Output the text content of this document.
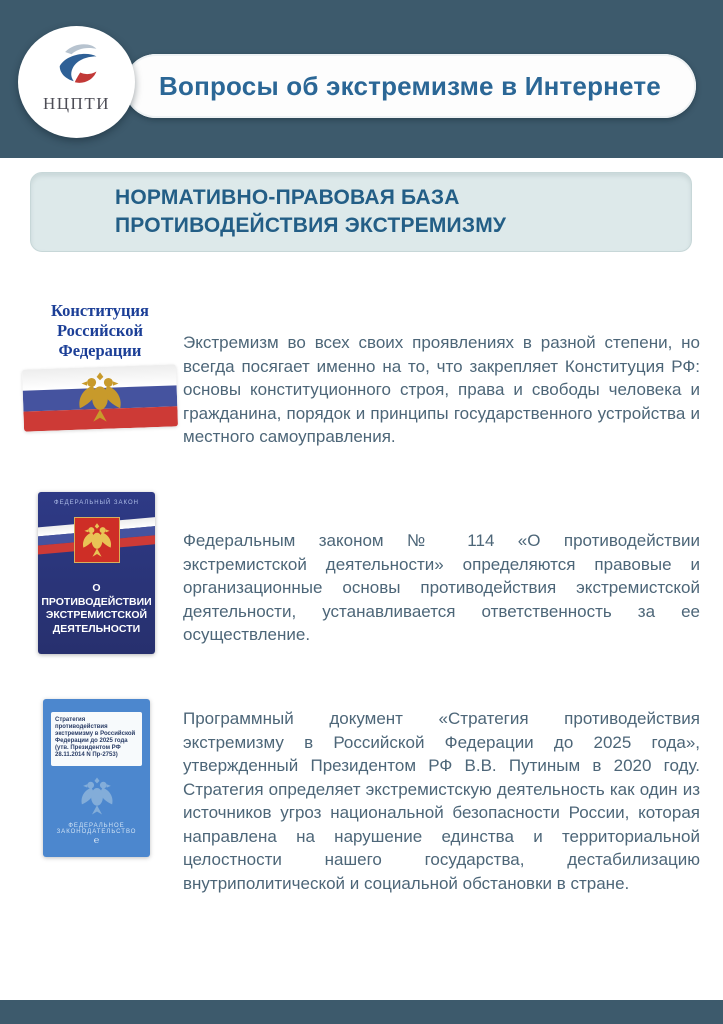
Вопросы об экстремизме в Интернете
НЦПТИ
НОРМАТИВНО-ПРАВОВАЯ БАЗА
ПРОТИВОДЕЙСТВИЯ ЭКСТРЕМИЗМУ
Конституция
Российской
Федерации	Экстремизм во всех своих проявлениях в разной степени, но всегда посягает именно на то, что закрепляет Конституция РФ: основы конституционного строя, права и свободы человека и гражданина, порядок и принципы государственного устройства и местного самоуправления.

ФЕДЕРАЛЬНЫЙ ЗАКОН
О ПРОТИВОДЕЙСТВИИ
ЭКСТРЕМИСТСКОЙ
ДЕЯТЕЛЬНОСТИ

Федеральным законом № 114 «О противодействии экстремистской деятельности» определяются правовые и организационные основы противодействия экстремистской деятельности, устанавливается ответственность за ее осуществление.

Стратегия противодействия экстремизму в Российской Федерации до 2025 года (утв. Президентом РФ 28.11.2014 N Пр-2753)
ФЕДЕРАЛЬНОЕ ЗАКОНОДАТЕЛЬСТВО
℮

Программный документ «Стратегия противодействия экстремизму в Российской Федерации до 2025 года», утвержденный Президентом РФ В.В. Путиным в 2020 году. Стратегия определяет экстремистскую деятельность как один из источников угроз национальной безопасности России, которая направлена на нарушение единства и территориальной целостности нашего государства, дестабилизацию внутриполитической и социальной обстановки в стране.
